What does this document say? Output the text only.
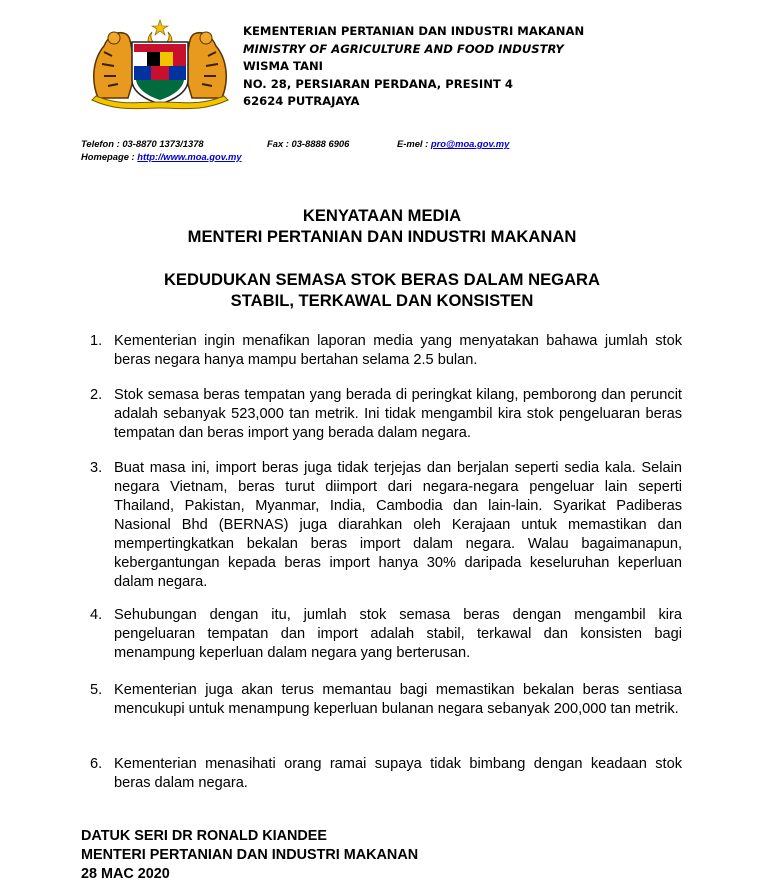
KEMENTERIAN PERTANIAN DAN INDUSTRI MAKANAN
MINISTRY OF AGRICULTURE AND FOOD INDUSTRY
WISMA TANI
NO. 28, PERSIARAN PERDANA, PRESINT 4
62624 PUTRAJAYA
Telefon : 03-8870 1373/1378	Fax : 03-8888 6906	E-mel : pro@moa.gov.my
Homepage : http://www.moa.gov.my
KENYATAAN MEDIA
MENTERI PERTANIAN DAN INDUSTRI MAKANAN
KEDUDUKAN SEMASA STOK BERAS DALAM NEGARA
STABIL, TERKAWAL DAN KONSISTEN
1. Kementerian ingin menafikan laporan media yang menyatakan bahawa jumlah stok beras negara hanya mampu bertahan selama 2.5 bulan.
2. Stok semasa beras tempatan yang berada di peringkat kilang, pemborong dan peruncit adalah sebanyak 523,000 tan metrik. Ini tidak mengambil kira stok pengeluaran beras tempatan dan beras import yang berada dalam negara.
3. Buat masa ini, import beras juga tidak terjejas dan berjalan seperti sedia kala. Selain negara Vietnam, beras turut diimport dari negara-negara pengeluar lain seperti Thailand, Pakistan, Myanmar, India, Cambodia dan lain-lain. Syarikat Padiberas Nasional Bhd (BERNAS) juga diarahkan oleh Kerajaan untuk memastikan dan mempertingkatkan bekalan beras import dalam negara. Walau bagaimanapun, kebergantungan kepada beras import hanya 30% daripada keseluruhan keperluan dalam negara.
4. Sehubungan dengan itu, jumlah stok semasa beras dengan mengambil kira pengeluaran tempatan dan import adalah stabil, terkawal dan konsisten bagi menampung keperluan dalam negara yang berterusan.
5. Kementerian juga akan terus memantau bagi memastikan bekalan beras sentiasa mencukupi untuk menampung keperluan bulanan negara sebanyak 200,000 tan metrik.
6. Kementerian menasihati orang ramai supaya tidak bimbang dengan keadaan stok beras dalam negara.
DATUK SERI DR RONALD KIANDEE
MENTERI PERTANIAN DAN INDUSTRI MAKANAN
28 MAC 2020
